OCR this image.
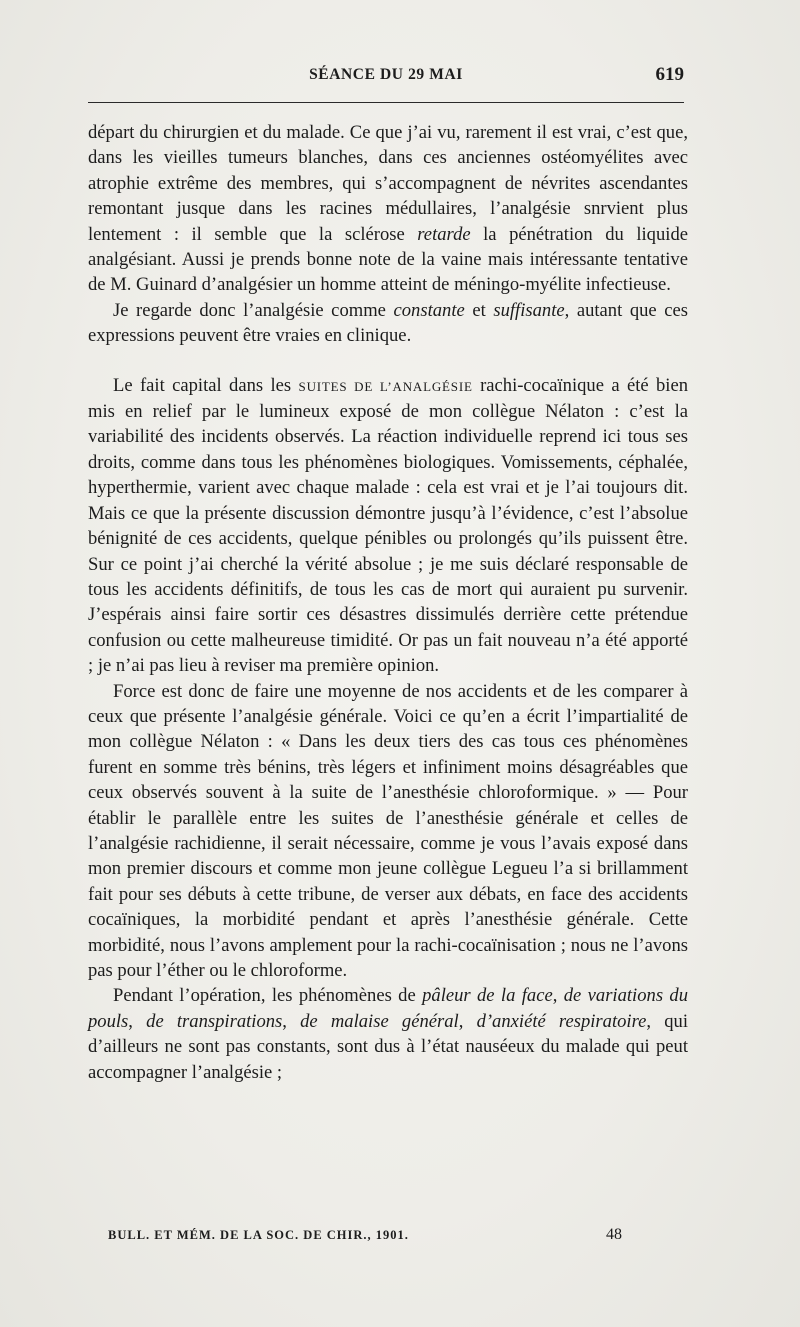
SÉANCE DU 29 MAI	619

départ du chirurgien et du malade. Ce que j’ai vu, rarement il est vrai, c’est que, dans les vieilles tumeurs blanches, dans ces anciennes ostéomyélites avec atrophie extrême des membres, qui s’accompagnent de névrites ascendantes remontant jusque dans les racines médullaires, l’analgésie snrvient plus lentement : il semble que la sclérose retarde la pénétration du liquide analgésiant. Aussi je prends bonne note de la vaine mais intéressante tentative de M. Guinard d’analgésier un homme atteint de méningo-myélite infectieuse.

Je regarde donc l’analgésie comme constante et suffisante, autant que ces expressions peuvent être vraies en clinique.

Le fait capital dans les SUITES DE L’ANALGÉSIE rachi-cocaïnique a été bien mis en relief par le lumineux exposé de mon collègue Nélaton : c’est la variabilité des incidents observés. La réaction individuelle reprend ici tous ses droits, comme dans tous les phénomènes biologiques. Vomissements, céphalée, hyperthermie, varient avec chaque malade : cela est vrai et je l’ai toujours dit. Mais ce que la présente discussion démontre jusqu’à l’évidence, c’est l’absolue bénignité de ces accidents, quelque pénibles ou prolongés qu’ils puissent être. Sur ce point j’ai cherché la vérité absolue ; je me suis déclaré responsable de tous les accidents définitifs, de tous les cas de mort qui auraient pu survenir. J’espérais ainsi faire sortir ces désastres dissimulés derrière cette prétendue confusion ou cette malheureuse timidité. Or pas un fait nouveau n’a été apporté ; je n’ai pas lieu à reviser ma première opinion.

Force est donc de faire une moyenne de nos accidents et de les comparer à ceux que présente l’analgésie générale. Voici ce qu’en a écrit l’impartialité de mon collègue Nélaton : « Dans les deux tiers des cas tous ces phénomènes furent en somme très bénins, très légers et infiniment moins désagréables que ceux observés souvent à la suite de l’anesthésie chloroformique. » — Pour établir le parallèle entre les suites de l’anesthésie générale et celles de l’analgésie rachidienne, il serait nécessaire, comme je vous l’avais exposé dans mon premier discours et comme mon jeune collègue Legueu l’a si brillamment fait pour ses débuts à cette tribune, de verser aux débats, en face des accidents cocaïniques, la morbidité pendant et après l’anesthésie générale. Cette morbidité, nous l’avons amplement pour la rachi-cocaïnisation ; nous ne l’avons pas pour l’éther ou le chloroforme.

Pendant l’opération, les phénomènes de pâleur de la face, de variations du pouls, de transpirations, de malaise général, d’anxiété respiratoire, qui d’ailleurs ne sont pas constants, sont dus à l’état nauséeux du malade qui peut accompagner l’analgésie ;

BULL. ET MÉM. DE LA SOC. DE CHIR., 1901.	48
